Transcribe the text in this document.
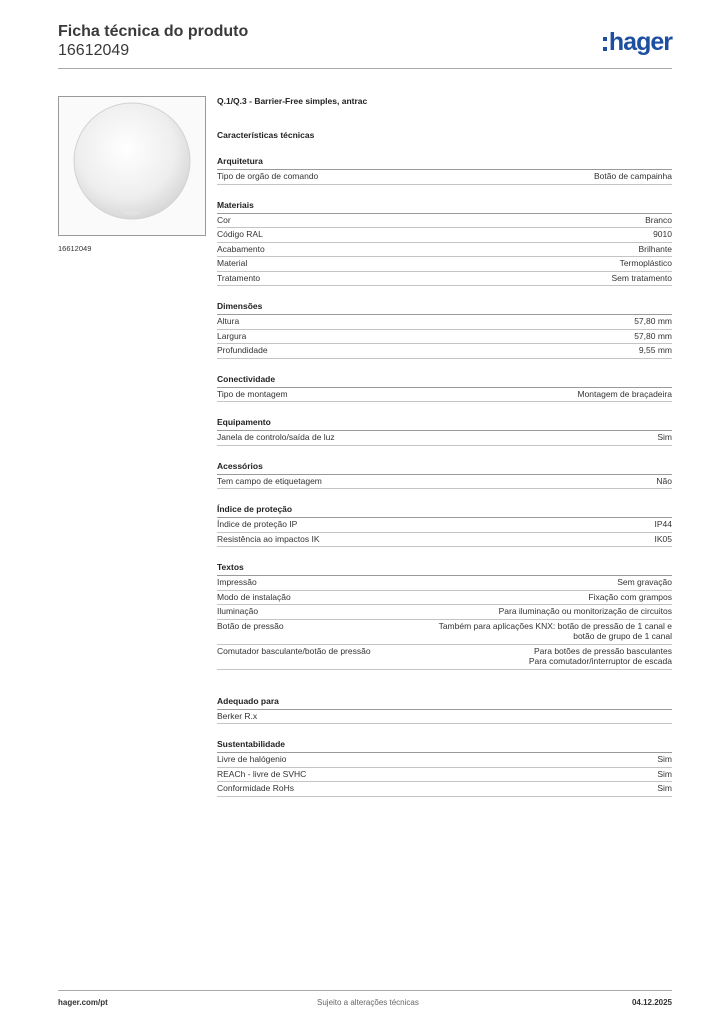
Ficha técnica do produto
16612049	hager
16612049
Q.1/Q.3 - Barrier-Free simples, antrac
Características técnicas
Arquitetura
Tipo de orgão de comando	Botão de campainha
Materiais
Cor	Branco
Código RAL	9010
Acabamento	Brilhante
Material	Termoplástico
Tratamento	Sem tratamento
Dimensões
Altura	57,80 mm
Largura	57,80 mm
Profundidade	9,55 mm
Conectividade
Tipo de montagem	Montagem de braçadeira
Equipamento
Janela de controlo/saída de luz	Sim
Acessórios
Tem campo de etiquetagem	Não
Índice de proteção
Índice de proteção IP	IP44
Resistência ao impactos IK	IK05
Textos
Impressão	Sem gravação
Modo de instalação	Fixação com grampos
Iluminação	Para iluminação ou monitorização de circuitos
Botão de pressão	Também para aplicações KNX: botão de pressão de 1 canal e
botão de grupo de 1 canal
Comutador basculante/botão de pressão	Para botões de pressão basculantes
Para comutador/interruptor de escada
Adequado para
Berker R.x
Sustentabilidade
Livre de halógenio	Sim
REACh - livre de SVHC	Sim
Conformidade RoHs	Sim
hager.com/pt	Sujeito a alterações técnicas	04.12.2025
